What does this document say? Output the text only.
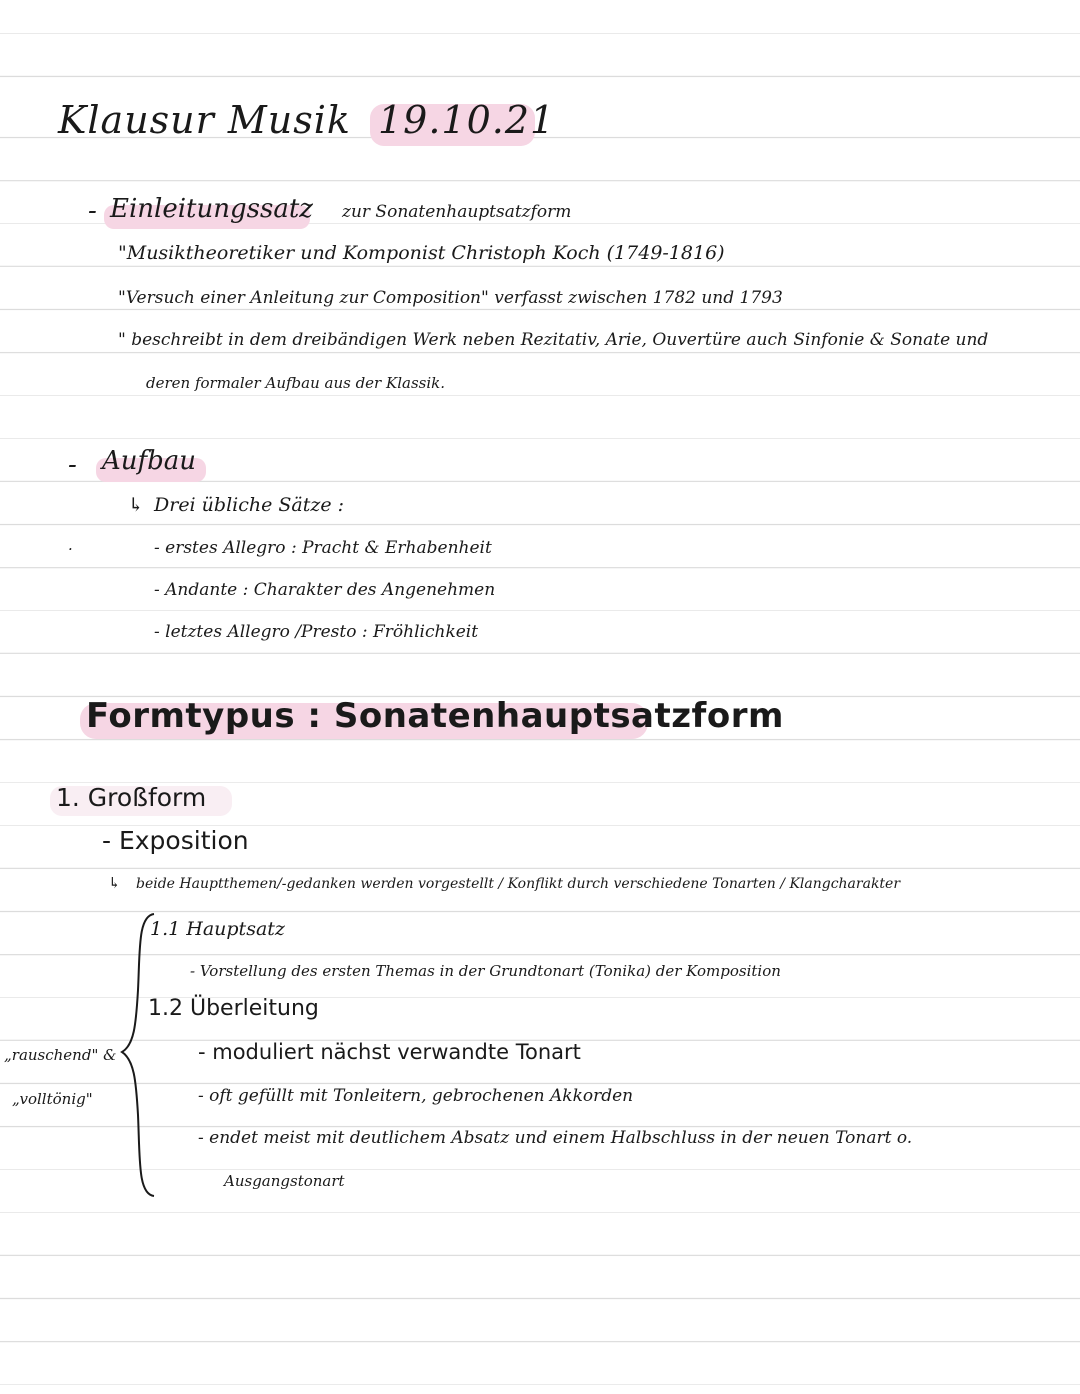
Klausur Musik 19.10.21
- Einleitungssatz zur Sonatenhauptsatzform
"Musiktheoretiker und Komponist Christoph Koch (1749-1816)
"Versuch einer Anleitung zur Composition" verfasst zwischen 1782 und 1793
" beschreibt in dem dreibändigen Werk neben Rezitativ, Arie, Ouvertüre auch Sinfonie & Sonate und
deren formaler Aufbau aus der Klassik.
- Aufbau
↳ Drei übliche Sätze :
- erstes Allegro : Pracht & Erhabenheit
- Andante : Charakter des Angenehmen
- letztes Allegro /Presto : Fröhlichkeit
·
Formtypus : Sonatenhauptsatzform
1. Großform
- Exposition
↳ beide Hauptthemen/-gedanken werden vorgestellt / Konflikt durch verschiedene Tonarten / Klangcharakter
1.1 Hauptsatz
- Vorstellung des ersten Themas in der Grundtonart (Tonika) der Komposition
1.2 Überleitung
- moduliert nächst verwandte Tonart
- oft gefüllt mit Tonleitern, gebrochenen Akkorden
- endet meist mit deutlichem Absatz und einem Halbschluss in der neuen Tonart o.
Ausgangstonart
„rauschend" &
„volltönig"
